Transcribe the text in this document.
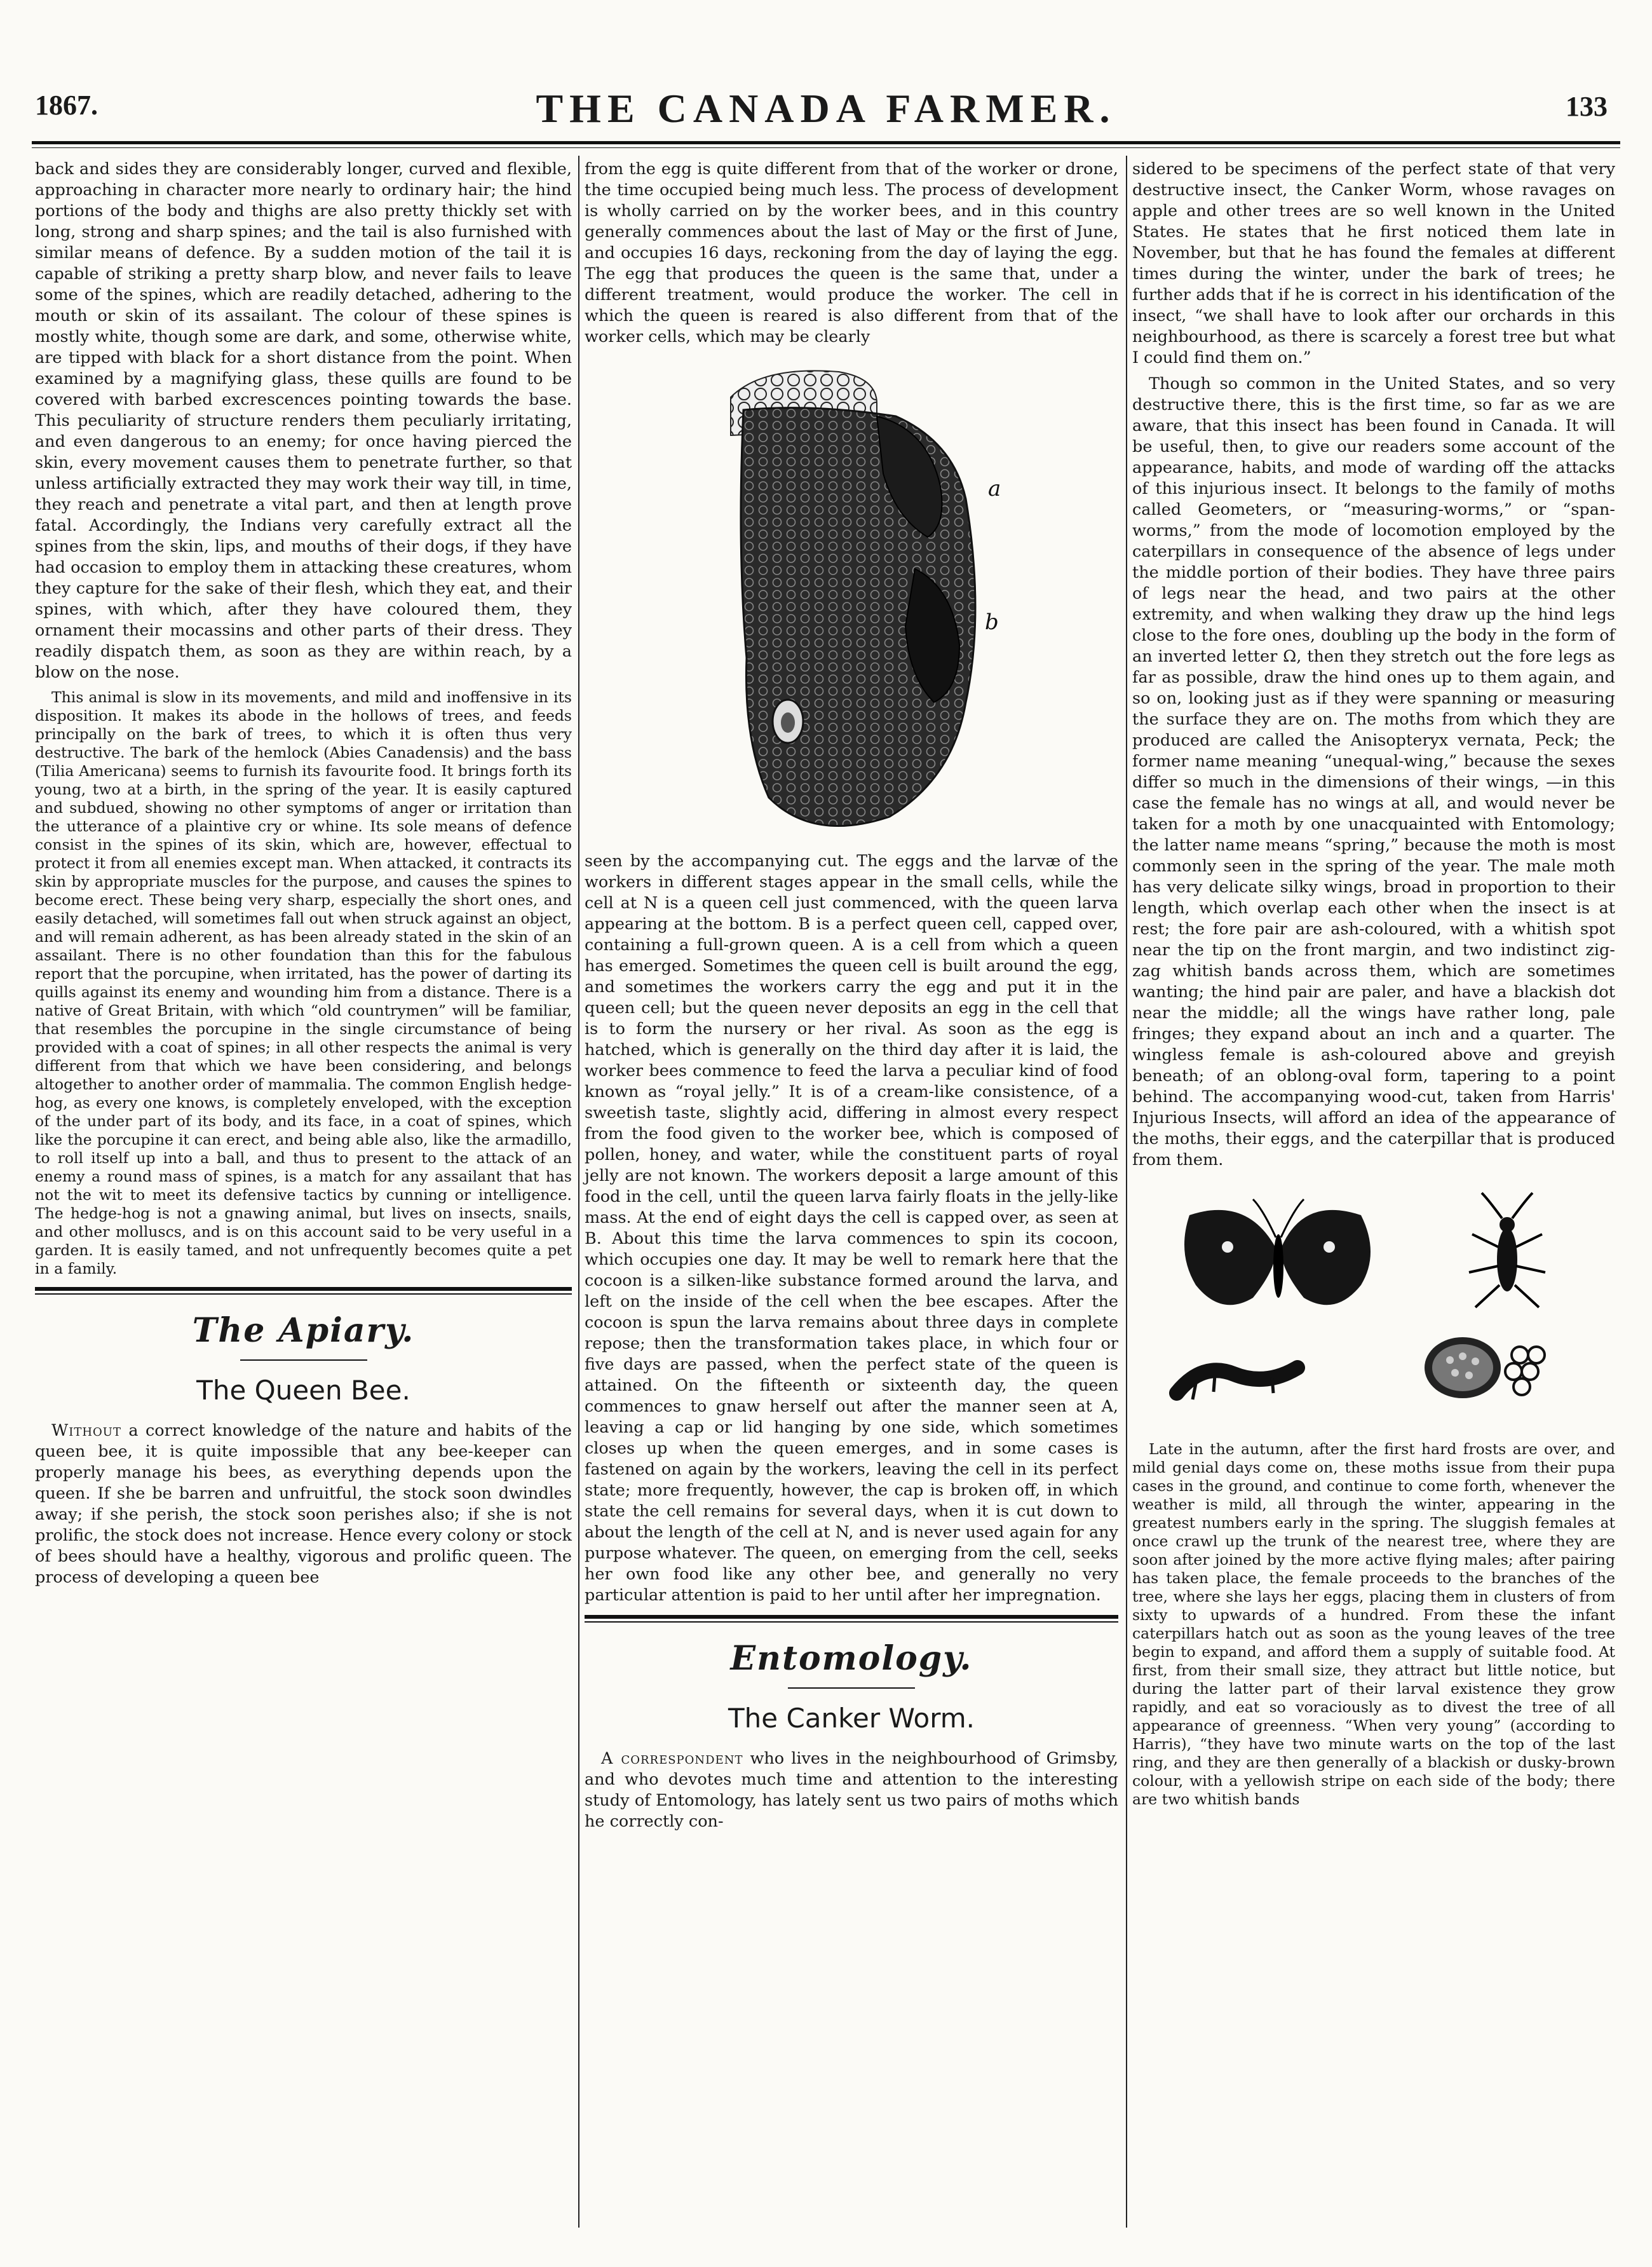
1867.	THE CANADA FARMER.	133

back and sides they are considerably longer, curved and flexible, approaching in character more nearly to ordinary hair; the hind portions of the body and thighs are also pretty thickly set with long, strong and sharp spines; and the tail is also furnished with similar means of defence. By a sudden motion of the tail it is capable of striking a pretty sharp blow, and never fails to leave some of the spines, which are readily detached, adhering to the mouth or skin of its assailant. The colour of these spines is mostly white, though some are dark, and some, otherwise white, are tipped with black for a short distance from the point. When examined by a magnifying glass, these quills are found to be covered with barbed excrescences pointing towards the base. This peculiarity of structure renders them peculiarly irritating, and even dangerous to an enemy; for once having pierced the skin, every movement causes them to penetrate further, so that unless artificially extracted they may work their way till, in time, they reach and penetrate a vital part, and then at length prove fatal. Accordingly, the Indians very carefully extract all the spines from the skin, lips, and mouths of their dogs, if they have had occasion to employ them in attacking these creatures, whom they capture for the sake of their flesh, which they eat, and their spines, with which, after they have coloured them, they ornament their mocassins and other parts of their dress. They readily dispatch them, as soon as they are within reach, by a blow on the nose.

This animal is slow in its movements, and mild and inoffensive in its disposition. It makes its abode in the hollows of trees, and feeds principally on the bark of trees, to which it is often thus very destructive. The bark of the hemlock (Abies Canadensis) and the bass (Tilia Americana) seems to furnish its favourite food. It brings forth its young, two at a birth, in the spring of the year. It is easily captured and subdued, showing no other symptoms of anger or irritation than the utterance of a plaintive cry or whine. Its sole means of defence consist in the spines of its skin, which are, however, effectual to protect it from all enemies except man. When attacked, it contracts its skin by appropriate muscles for the purpose, and causes the spines to become erect. These being very sharp, especially the short ones, and easily detached, will sometimes fall out when struck against an object, and will remain adherent, as has been already stated in the skin of an assailant. There is no other foundation than this for the fabulous report that the porcupine, when irritated, has the power of darting its quills against its enemy and wounding him from a distance. There is a native of Great Britain, with which “old countrymen” will be familiar, that resembles the porcupine in the single circumstance of being provided with a coat of spines; in all other respects the animal is very different from that which we have been considering, and belongs altogether to another order of mammalia. The common English hedge-hog, as every one knows, is completely enveloped, with the exception of the under part of its body, and its face, in a coat of spines, which like the porcupine it can erect, and being able also, like the armadillo, to roll itself up into a ball, and thus to present to the attack of an enemy a round mass of spines, is a match for any assailant that has not the wit to meet its defensive tactics by cunning or intelligence. The hedge-hog is not a gnawing animal, but lives on insects, snails, and other molluscs, and is on this account said to be very useful in a garden. It is easily tamed, and not unfrequently becomes quite a pet in a family.

The Apiary.
The Queen Bee.

Without a correct knowledge of the nature and habits of the queen bee, it is quite impossible that any bee-keeper can properly manage his bees, as everything depends upon the queen. If she be barren and unfruitful, the stock soon dwindles away; if she perish, the stock soon perishes also; if she is not prolific, the stock does not increase. Hence every colony or stock of bees should have a healthy, vigorous and prolific queen. The process of developing a queen bee

from the egg is quite different from that of the worker or drone, the time occupied being much less. The process of development is wholly carried on by the worker bees, and in this country generally commences about the last of May or the first of June, and occupies 16 days, reckoning from the day of laying the egg. The egg that produces the queen is the same that, under a different treatment, would produce the worker. The cell in which the queen is reared is also different from that of the worker cells, which may be clearly

a
b

seen by the accompanying cut. The eggs and the larvæ of the workers in different stages appear in the small cells, while the cell at N is a queen cell just commenced, with the queen larva appearing at the bottom. B is a perfect queen cell, capped over, containing a full-grown queen. A is a cell from which a queen has emerged. Sometimes the queen cell is built around the egg, and sometimes the workers carry the egg and put it in the queen cell; but the queen never deposits an egg in the cell that is to form the nursery or her rival. As soon as the egg is hatched, which is generally on the third day after it is laid, the worker bees commence to feed the larva a peculiar kind of food known as “royal jelly.” It is of a cream-like consistence, of a sweetish taste, slightly acid, differing in almost every respect from the food given to the worker bee, which is composed of pollen, honey, and water, while the constituent parts of royal jelly are not known. The workers deposit a large amount of this food in the cell, until the queen larva fairly floats in the jelly-like mass. At the end of eight days the cell is capped over, as seen at B. About this time the larva commences to spin its cocoon, which occupies one day. It may be well to remark here that the cocoon is a silken-like substance formed around the larva, and left on the inside of the cell when the bee escapes. After the cocoon is spun the larva remains about three days in complete repose; then the transformation takes place, in which four or five days are passed, when the perfect state of the queen is attained. On the fifteenth or sixteenth day, the queen commences to gnaw herself out after the manner seen at A, leaving a cap or lid hanging by one side, which sometimes closes up when the queen emerges, and in some cases is fastened on again by the workers, leaving the cell in its perfect state; more frequently, however, the cap is broken off, in which state the cell remains for several days, when it is cut down to about the length of the cell at N, and is never used again for any purpose whatever. The queen, on emerging from the cell, seeks her own food like any other bee, and generally no very particular attention is paid to her until after her impregnation.

Entomology.
The Canker Worm.

A correspondent who lives in the neighbourhood of Grimsby, and who devotes much time and attention to the interesting study of Entomology, has lately sent us two pairs of moths which he correctly con-

sidered to be specimens of the perfect state of that very destructive insect, the Canker Worm, whose ravages on apple and other trees are so well known in the United States. He states that he first noticed them late in November, but that he has found the females at different times during the winter, under the bark of trees; he further adds that if he is correct in his identification of the insect, “we shall have to look after our orchards in this neighbourhood, as there is scarcely a forest tree but what I could find them on.”

Though so common in the United States, and so very destructive there, this is the first time, so far as we are aware, that this insect has been found in Canada. It will be useful, then, to give our readers some account of the appearance, habits, and mode of warding off the attacks of this injurious insect. It belongs to the family of moths called Geometers, or “measuring-worms,” or “span-worms,” from the mode of locomotion employed by the caterpillars in consequence of the absence of legs under the middle portion of their bodies. They have three pairs of legs near the head, and two pairs at the other extremity, and when walking they draw up the hind legs close to the fore ones, doubling up the body in the form of an inverted letter Ω, then they stretch out the fore legs as far as possible, draw the hind ones up to them again, and so on, looking just as if they were spanning or measuring the surface they are on. The moths from which they are produced are called the Anisopteryx vernata, Peck; the former name meaning “unequal-wing,” because the sexes differ so much in the dimensions of their wings, —in this case the female has no wings at all, and would never be taken for a moth by one unacquainted with Entomology; the latter name means “spring,” because the moth is most commonly seen in the spring of the year. The male moth has very delicate silky wings, broad in proportion to their length, which overlap each other when the insect is at rest; the fore pair are ash-coloured, with a whitish spot near the tip on the front margin, and two indistinct zig-zag whitish bands across them, which are sometimes wanting; the hind pair are paler, and have a blackish dot near the middle; all the wings have rather long, pale fringes; they expand about an inch and a quarter. The wingless female is ash-coloured above and greyish beneath; of an oblong-oval form, tapering to a point behind. The accompanying wood-cut, taken from Harris' Injurious Insects, will afford an idea of the appearance of the moths, their eggs, and the caterpillar that is produced from them.

Late in the autumn, after the first hard frosts are over, and mild genial days come on, these moths issue from their pupa cases in the ground, and continue to come forth, whenever the weather is mild, all through the winter, appearing in the greatest numbers early in the spring. The sluggish females at once crawl up the trunk of the nearest tree, where they are soon after joined by the more active flying males; after pairing has taken place, the female proceeds to the branches of the tree, where she lays her eggs, placing them in clusters of from sixty to upwards of a hundred. From these the infant caterpillars hatch out as soon as the young leaves of the tree begin to expand, and afford them a supply of suitable food. At first, from their small size, they attract but little notice, but during the latter part of their larval existence they grow rapidly, and eat so voraciously as to divest the tree of all appearance of greenness. “When very young” (according to Harris), “they have two minute warts on the top of the last ring, and they are then generally of a blackish or dusky-brown colour, with a yellowish stripe on each side of the body; there are two whitish bands
